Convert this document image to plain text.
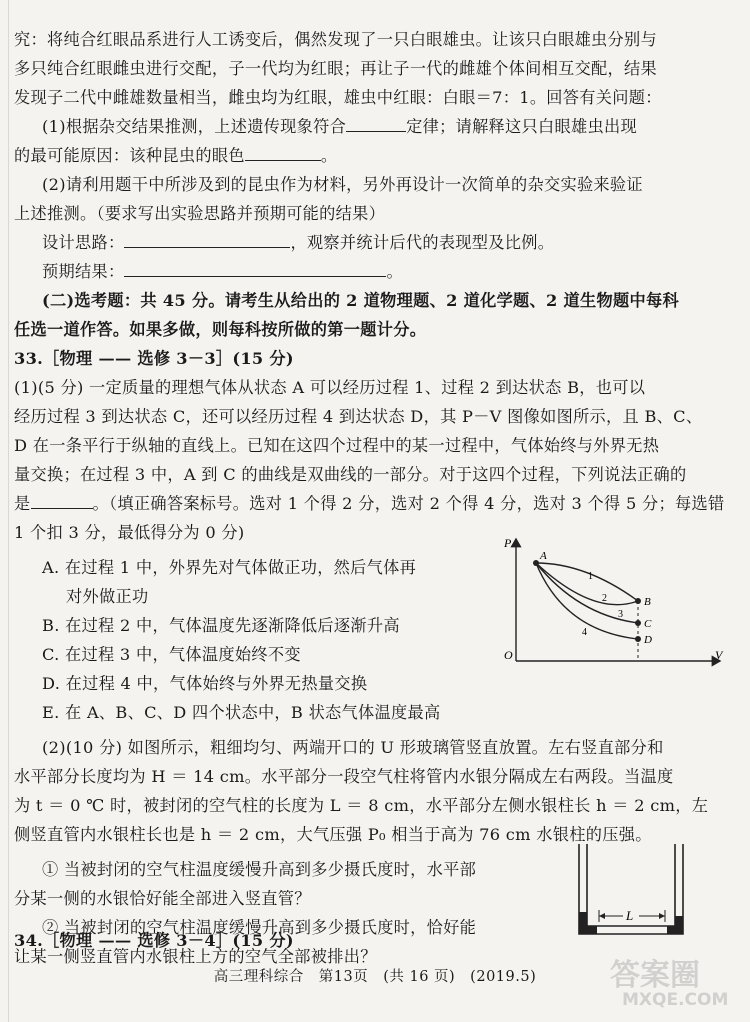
究：将纯合红眼品系进行人工诱变后，偶然发现了一只白眼雄虫。让该只白眼雄虫分别与
多只纯合红眼雌虫进行交配，子一代均为红眼；再让子一代的雌雄个体间相互交配，结果
发现子二代中雌雄数量相当，雌虫均为红眼，雄虫中红眼：白眼＝7：1。回答有关问题：
(1)根据杂交结果推测，上述遗传现象符合	定律；请解释这只白眼雄虫出现
的最可能原因：该种昆虫的眼色	。
(2)请利用题干中所涉及到的昆虫作为材料，另外再设计一次简单的杂交实验来验证
上述推测。（要求写出实验思路并预期可能的结果）
设计思路：	，观察并统计后代的表现型及比例。
预期结果：	。
(二)选考题：共 45 分。请考生从给出的 2 道物理题、2 道化学题、2 道生物题中每科
任选一道作答。如果多做，则每科按所做的第一题计分。
33.［物理 —— 选修 3－3］(15 分)
(1)(5 分) 一定质量的理想气体从状态 A 可以经历过程 1、过程 2 到达状态 B，也可以
经历过程 3 到达状态 C，还可以经历过程 4 到达状态 D，其 P－V 图像如图所示，且 B、C、
D 在一条平行于纵轴的直线上。已知在这四个过程中的某一过程中，气体始终与外界无热
量交换；在过程 3 中，A 到 C 的曲线是双曲线的一部分。对于这四个过程，下列说法正确的
是	。（填正确答案标号。选对 1 个得 2 分，选对 2 个得 4 分，选对 3 个得 5 分；每选错
1 个扣 3 分，最低得分为 0 分)
A. 在过程 1 中，外界先对气体做正功，然后气体再
对外做正功
B. 在过程 2 中，气体温度先逐渐降低后逐渐升高
C. 在过程 3 中，气体温度始终不变
D. 在过程 4 中，气体始终与外界无热量交换
E. 在 A、B、C、D 四个状态中，B 状态气体温度最高
P
V
O
A
B
C
D
1
2
3
4
(2)(10 分) 如图所示，粗细均匀、两端开口的 U 形玻璃管竖直放置。左右竖直部分和
水平部分长度均为 H ＝ 14 cm。水平部分一段空气柱将管内水银分隔成左右两段。当温度
为 t ＝ 0 ℃ 时，被封闭的空气柱的长度为 L ＝ 8 cm，水平部分左侧水银柱长 h ＝ 2 cm，左
侧竖直管内水银柱长也是 h ＝ 2 cm，大气压强 P₀ 相当于高为 76 cm 水银柱的压强。
① 当被封闭的空气柱温度缓慢升高到多少摄氏度时，水平部
分某一侧的水银恰好能全部进入竖直管？
② 当被封闭的空气柱温度缓慢升高到多少摄氏度时，恰好能
让某一侧竖直管内水银柱上方的空气全部被排出？
L
34.［物理 —— 选修 3－4］(15 分)
高三理科综合　第13页　(共 16 页)　(2019.5)	答案圈
MXQE.COM
